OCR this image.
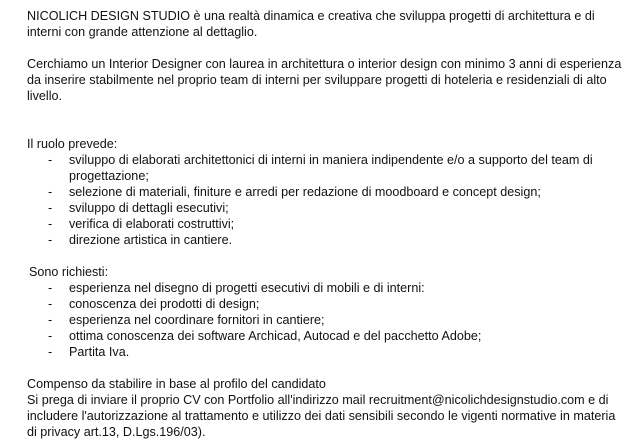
NICOLICH DESIGN STUDIO è una realtà dinamica e creativa che sviluppa progetti di architettura e di interni con grande attenzione al dettaglio.

Cerchiamo un Interior Designer con laurea in architettura o interior design con minimo 3 anni di esperienza da inserire stabilmente nel proprio team di interni per sviluppare progetti di hoteleria e residenziali di alto livello.

Il ruolo prevede:

- sviluppo di elaborati architettonici di interni in maniera indipendente e/o a supporto del team di progettazione;
- selezione di materiali, finiture e arredi per redazione di moodboard e concept design;
- sviluppo di dettagli esecutivi;
- verifica di elaborati costruttivi;
- direzione artistica in cantiere.

Sono richiesti:

- esperienza nel disegno di progetti esecutivi di mobili e di interni:
- conoscenza dei prodotti di design;
- esperienza nel coordinare fornitori in cantiere;
- ottima conoscenza dei software Archicad, Autocad e del pacchetto Adobe;
- Partita Iva.

Compenso da stabilire in base al profilo del candidato

Si prega di inviare il proprio CV con Portfolio all'indirizzo mail recruitment@nicolichdesignstudio.com e di includere l'autorizzazione al trattamento e utilizzo dei dati sensibili secondo le vigenti normative in materia di privacy art.13, D.Lgs.196/03).
